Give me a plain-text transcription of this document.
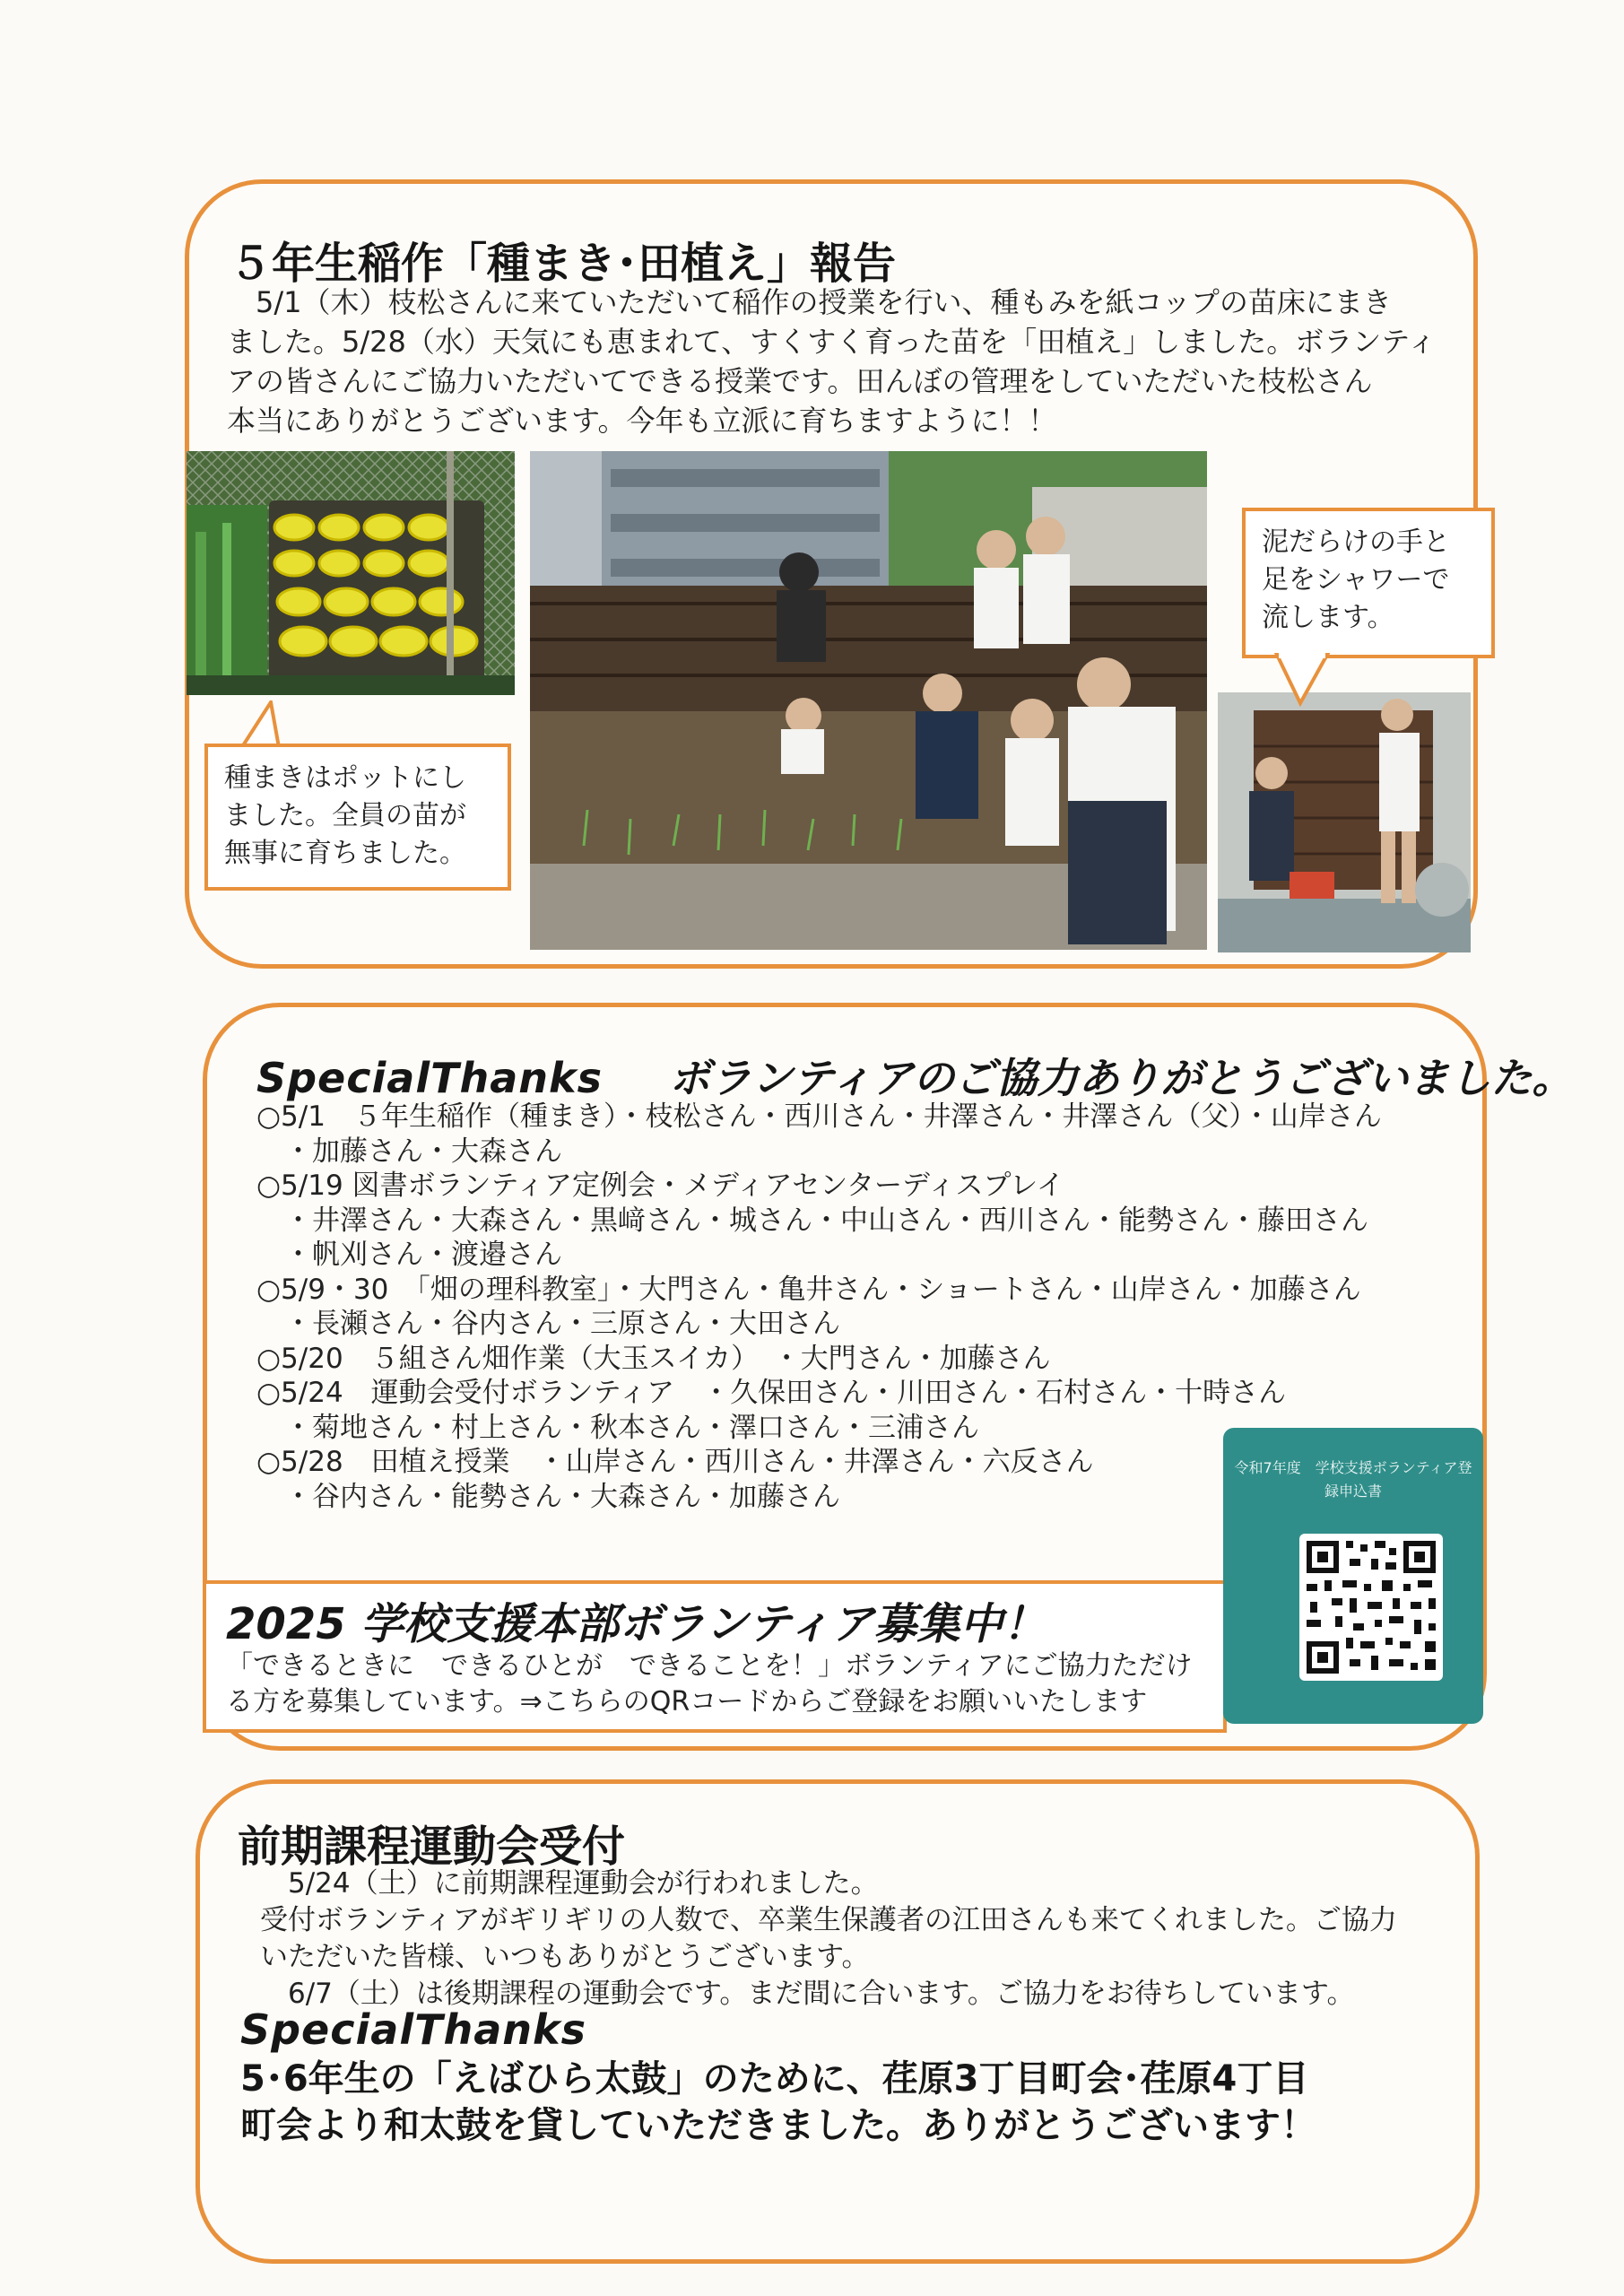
５年生稲作「種まき･田植え」報告
　5/1（木）枝松さんに来ていただいて稲作の授業を行い、種もみを紙コップの苗床にまき
ました。5/28（水）天気にも恵まれて、すくすく育った苗を「田植え」しました。ボランティ
アの皆さんにご協力いただいてできる授業です。田んぼの管理をしていただいた枝松さん
本当にありがとうございます。今年も立派に育ちますように！！
種まきはポットにし
ました。全員の苗が
無事に育ちました。
泥だらけの手と
足をシャワーで
流します。
SpecialThanks ボランティアのご協力ありがとうございました。
○5/1　５年生稲作（種まき）・枝松さん・西川さん・井澤さん・井澤さん（父）・山岸さん
　・加藤さん・大森さん
○5/19 図書ボランティア定例会・メディアセンターディスプレイ
　・井澤さん・大森さん・黒﨑さん・城さん・中山さん・西川さん・能勢さん・藤田さん
　・帆刈さん・渡邉さん
○5/9・30　「畑の理科教室」・大門さん・亀井さん・ショートさん・山岸さん・加藤さん
　・長瀬さん・谷内さん・三原さん・大田さん
○5/20　５組さん畑作業（大玉スイカ）　・大門さん・加藤さん
○5/24　運動会受付ボランティア　・久保田さん・川田さん・石村さん・十時さん
　・菊地さん・村上さん・秋本さん・澤口さん・三浦さん
○5/28　田植え授業　・山岸さん・西川さん・井澤さん・六反さん
　・谷内さん・能勢さん・大森さん・加藤さん
2025 学校支援本部ボランティア募集中！
「できるときに　できるひとが　できることを！」ボランティアにご協力ただけ
る方を募集しています。⇒こちらのQRコードからご登録をお願いいたします
令和7年度　学校支援ボランティア登
録申込書
前期課程運動会受付
　5/24（土）に前期課程運動会が行われました。
受付ボランティアがギリギリの人数で、卒業生保護者の江田さんも来てくれました。ご協力
いただいた皆様、いつもありがとうございます。
　6/7（土）は後期課程の運動会です。まだ間に合います。ご協力をお待ちしています。
SpecialThanks
5･6年生の「えばひら太鼓」のために、荏原3丁目町会･荏原4丁目
町会より和太鼓を貸していただきました。ありがとうございます！
